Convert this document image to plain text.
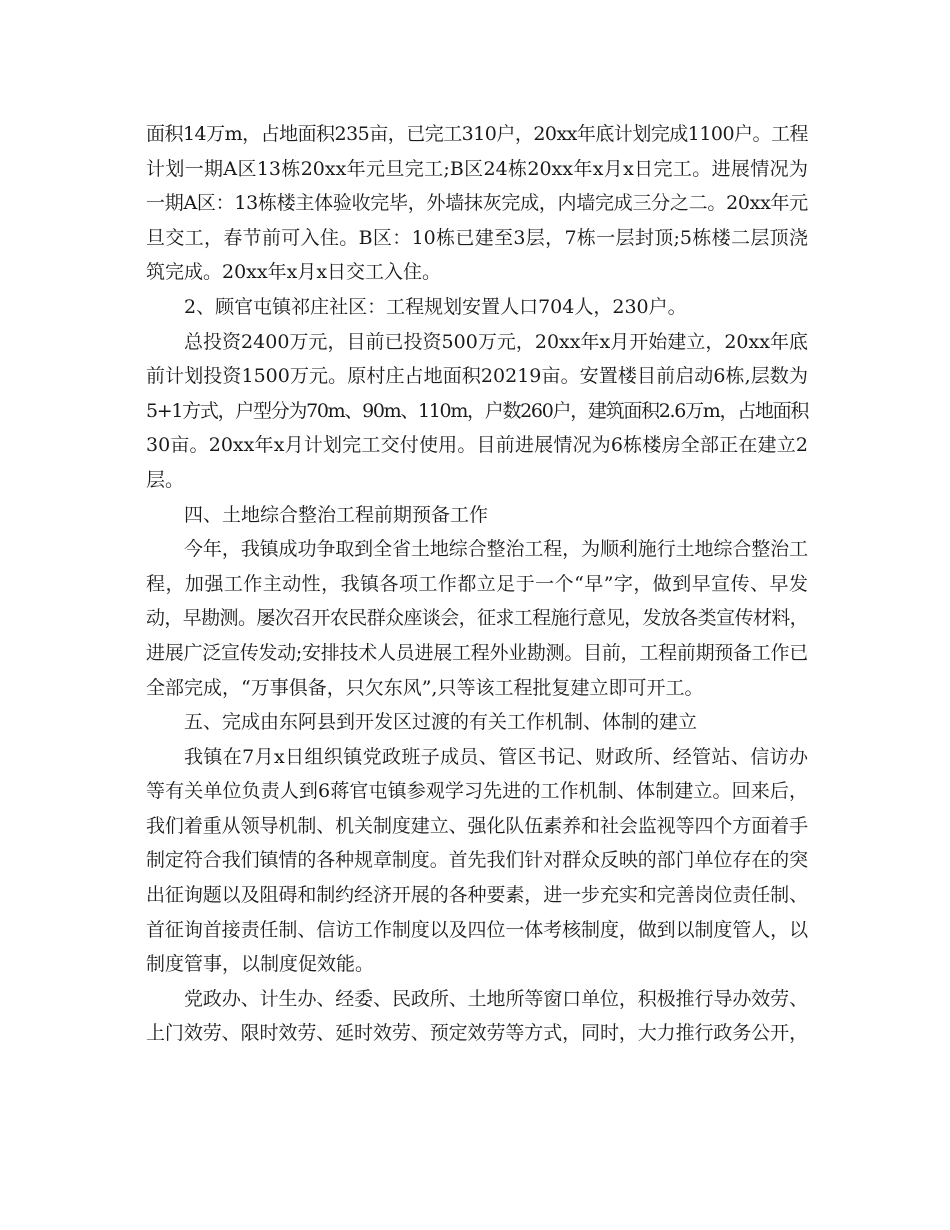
面积14万m，占地面积235亩，已完工310户，20xx年底计划完成1100户。工程
计划一期A区13栋20xx年元旦完工;B区24栋20xx年x月x日完工。进展情况为
一期A区：13栋楼主体验收完毕，外墙抹灰完成，内墙完成三分之二。20xx年元
旦交工，春节前可入住。B区：10栋已建至3层，7栋一层封顶;5栋楼二层顶浇
筑完成。20xx年x月x日交工入住。
2、顾官屯镇祁庄社区：工程规划安置人口704人，230户。
总投资2400万元，目前已投资500万元，20xx年x月开始建立，20xx年底
前计划投资1500万元。原村庄占地面积20219亩。安置楼目前启动6栋,层数为
5+1方式，户型分为70m、90m、110m，户数260户，建筑面积2.6万m，占地面积
30亩。20xx年x月计划完工交付使用。目前进展情况为6栋楼房全部正在建立2
层。
四、土地综合整治工程前期预备工作
今年，我镇成功争取到全省土地综合整治工程，为顺利施行土地综合整治工
程，加强工作主动性，我镇各项工作都立足于一个“早”字，做到早宣传、早发
动，早勘测。屡次召开农民群众座谈会，征求工程施行意见，发放各类宣传材料，
进展广泛宣传发动;安排技术人员进展工程外业勘测。目前，工程前期预备工作已
全部完成，“万事俱备，只欠东风”,只等该工程批复建立即可开工。
五、完成由东阿县到开发区过渡的有关工作机制、体制的建立
我镇在7月x日组织镇党政班子成员、管区书记、财政所、经管站、信访办
等有关单位负责人到6蒋官屯镇参观学习先进的工作机制、体制建立。回来后，
我们着重从领导机制、机关制度建立、强化队伍素养和社会监视等四个方面着手
制定符合我们镇情的各种规章制度。首先我们针对群众反映的部门单位存在的突
出征询题以及阻碍和制约经济开展的各种要素，进一步充实和完善岗位责任制、
首征询首接责任制、信访工作制度以及四位一体考核制度，做到以制度管人，以
制度管事，以制度促效能。
党政办、计生办、经委、民政所、土地所等窗口单位，积极推行导办效劳、
上门效劳、限时效劳、延时效劳、预定效劳等方式，同时，大力推行政务公开，
